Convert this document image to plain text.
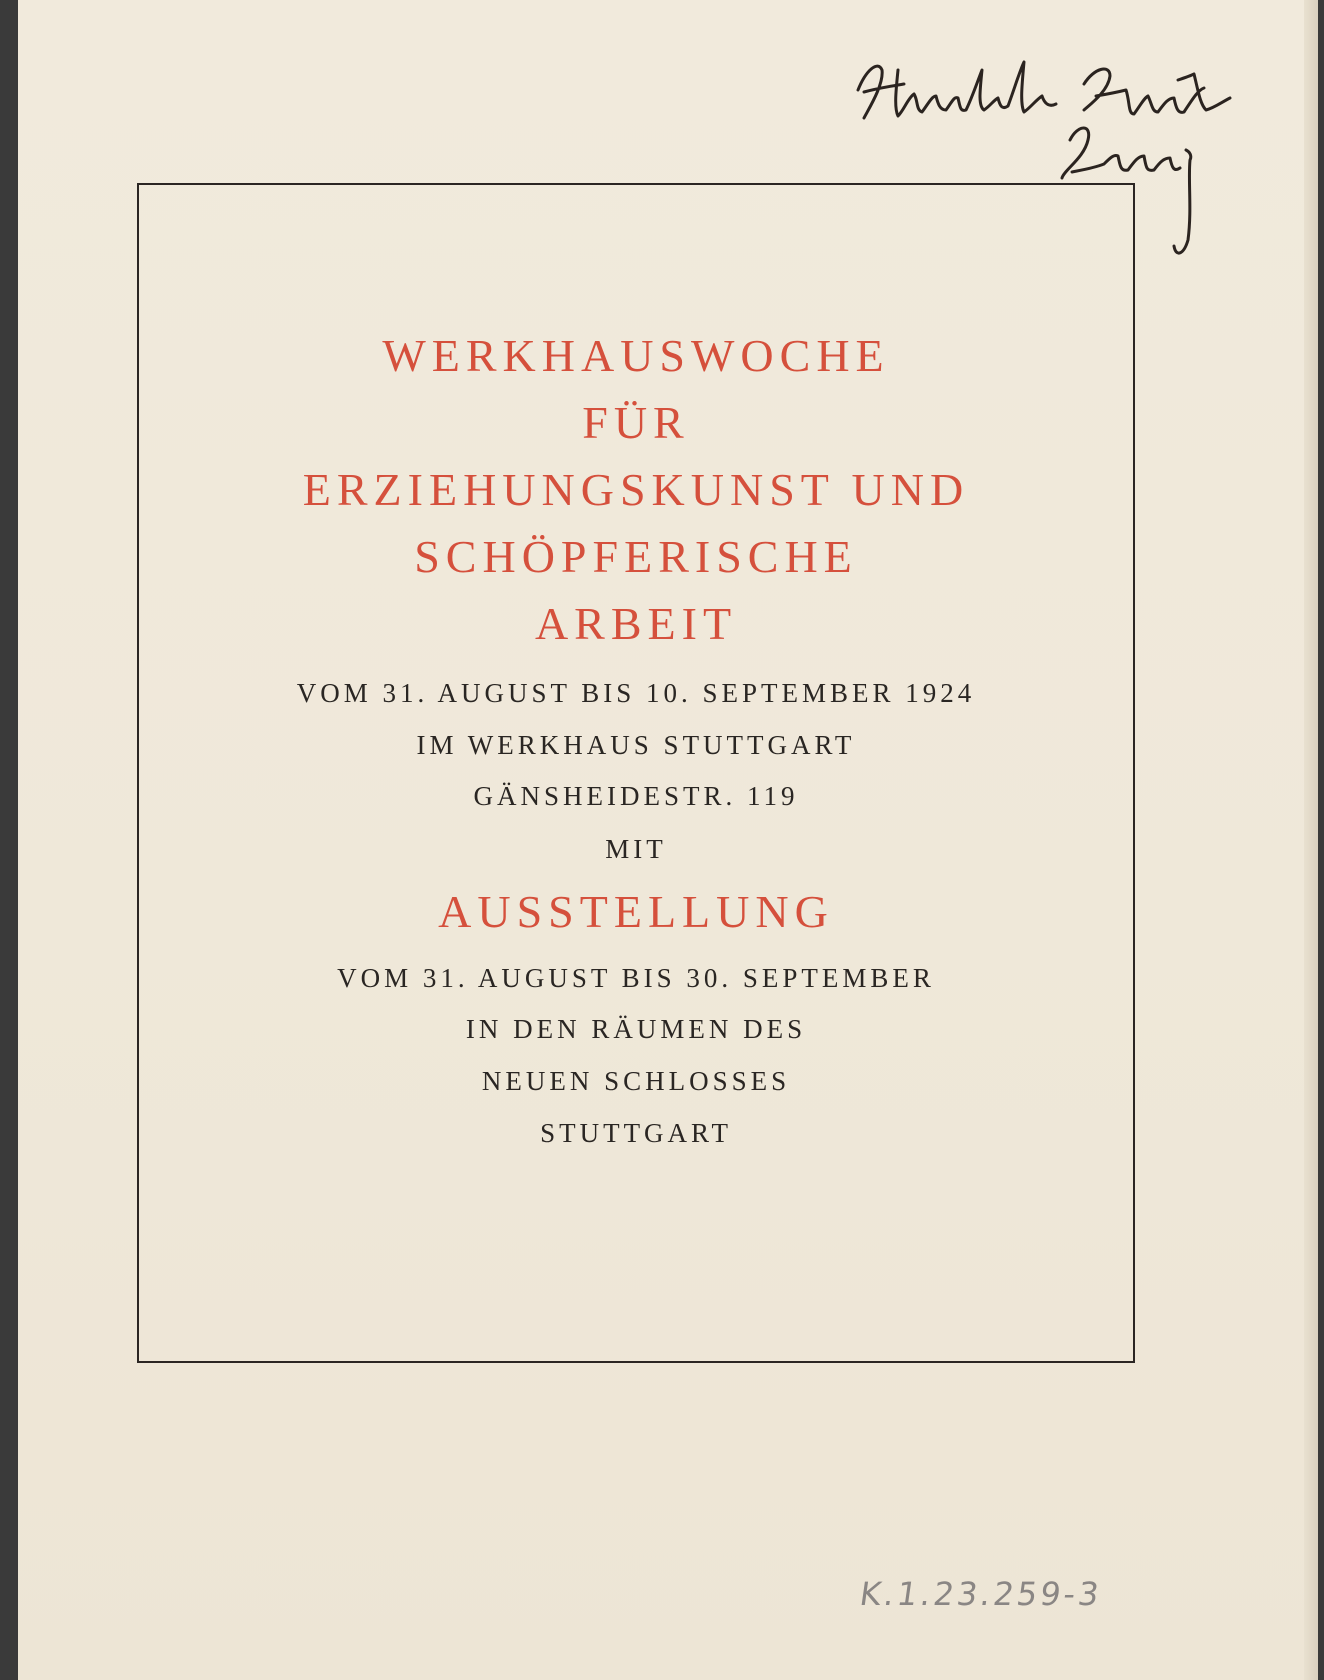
WERKHAUSWOCHE
FÜR
ERZIEHUNGSKUNST UND
SCHÖPFERISCHE
ARBEIT
VOM 31. AUGUST BIS 10. SEPTEMBER 1924
IM WERKHAUS STUTTGART
GÄNSHEIDESTR. 119
MIT
AUSSTELLUNG
VOM 31. AUGUST BIS 30. SEPTEMBER
IN DEN RÄUMEN DES
NEUEN SCHLOSSES
STUTTGART
K.1.23.259-3
